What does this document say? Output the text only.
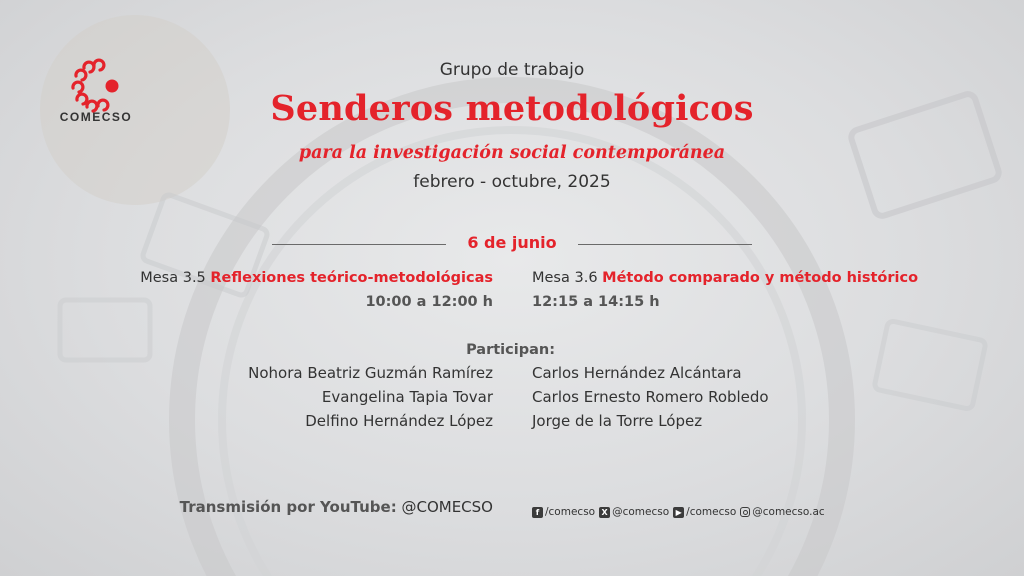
COMECSO
Grupo de trabajo
Senderos metodológicos
para la investigación social contemporánea
febrero - octubre, 2025
6 de junio
Mesa 3.5 Reflexiones teórico-metodológicas
10:00 a 12:00 h
Mesa 3.6 Método comparado y método histórico
12:15 a 14:15 h
Participan:
Nohora Beatriz Guzmán Ramírez
Evangelina Tapia Tovar
Delfino Hernández López
Carlos Hernández Alcántara
Carlos Ernesto Romero Robledo
Jorge de la Torre López
Transmisión por YouTube: @COMECSO	f /comecso X @comecso ▶ /comecso @comecso.ac
